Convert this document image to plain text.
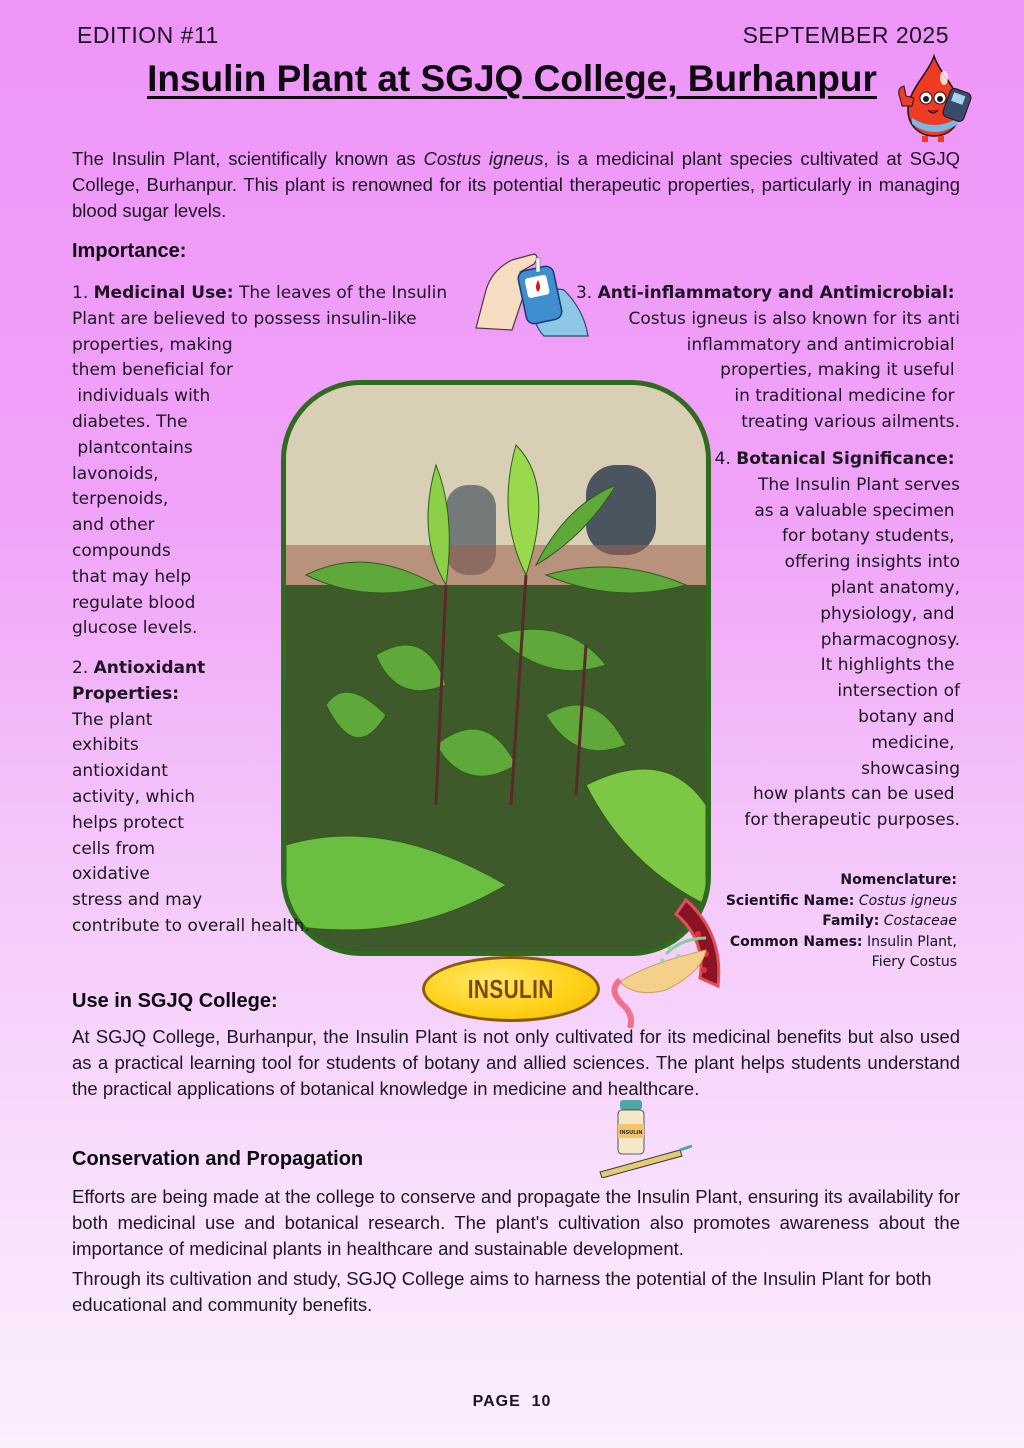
EDITION #11	SEPTEMBER 2025
Insulin Plant at SGJQ College, Burhanpur
The Insulin Plant, scientifically known as Costus igneus, is a medicinal plant species cultivated at SGJQ College, Burhanpur. This plant is renowned for its potential therapeutic properties, particularly in managing blood sugar levels.
Importance:
1. Medicinal Use: The leaves of the Insulin
Plant are believed to possess insulin-like
properties, making
them beneficial for
individuals with
diabetes. The
plantcontains
lavonoids,
terpenoids,
and other
compounds
that may help
regulate blood
glucose levels.
2. Antioxidant
Properties:
The plant
exhibits
antioxidant
activity, which
helps protect
cells from
oxidative
stress and may
contribute to overall health.
3. Anti-inflammatory and Antimicrobial:
Costus igneus is also known for its anti
inflammatory and antimicrobial
properties, making it useful
in traditional medicine for
treating various ailments.
4. Botanical Significance:
The Insulin Plant serves
as a valuable specimen
for botany students,
offering insights into
plant anatomy,
physiology, and
pharmacognosy.
It highlights the
intersection of
botany and
medicine,
showcasing
how plants can be used
for therapeutic purposes.
Nomenclature:
Scientific Name: Costus igneus
Family: Costaceae
Common Names: Insulin Plant,
Fiery Costus
INSULIN
Use in SGJQ College:
At SGJQ College, Burhanpur, the Insulin Plant is not only cultivated for its medicinal benefits but also used as a practical learning tool for students of botany and allied sciences. The plant helps students understand the practical applications of botanical knowledge in medicine and healthcare.
INSULIN
Conservation and Propagation
Efforts are being made at the college to conserve and propagate the Insulin Plant, ensuring its availability for both medicinal use and botanical research. The plant's cultivation also promotes awareness about the importance of medicinal plants in healthcare and sustainable development.
Through its cultivation and study, SGJQ College aims to harness the potential of the Insulin Plant for both educational and community benefits.
PAGE  10
